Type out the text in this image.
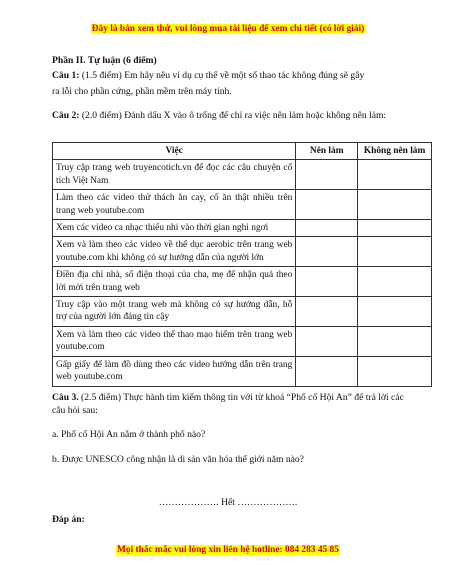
Đây là bản xem thử, vui lòng mua tài liệu để xem chi tiết (có lời giải)
Phần II. Tự luận (6 điểm)
Câu 1: (1.5 điểm) Em hãy nêu ví dụ cụ thể về một số thao tác không đúng sẽ gây
ra lỗi cho phần cứng, phần mềm trên máy tính.
Câu 2: (2.0 điểm) Đánh dấu X vào ô trống để chỉ ra việc nên làm hoặc không nên làm:
Việc	Nên làm	Không nên làm
Truy cập trang web truyencotich.vn để đọc các câu chuyện cổ tích Việt Nam		
Làm theo các video thử thách ăn cay, cố ăn thật nhiều trên trang web youtube.com		
Xem các video ca nhạc thiếu nhi vào thời gian nghỉ ngơi		
Xem và làm theo các video về thể dục aerobic trên trang web youtube.com khi không có sự hướng dẫn của người lớn		
Điền địa chỉ nhà, số điện thoại của cha, mẹ để nhận quà theo lời mời trên trang web		
Truy cập vào một trang web mà không có sự hướng dẫn, hỗ trợ của người lớn đáng tin cậy		
Xem và làm theo các video thể thao mạo hiểm trên trang web youtube.com		
Gấp giấy để làm đồ dùng theo các video hướng dẫn trên trang web youtube.com		
Câu 3. (2.5 điểm) Thực hành tìm kiếm thông tin với từ khoá “Phố cổ Hội An” để trả lời các câu hỏi sau:
a. Phố cổ Hội An nằm ở thành phố nào?
b. Được UNESCO công nhận là di sản văn hóa thế giới năm nào?
………………. Hết ……………….
Đáp án:
Mọi thắc mắc vui lòng xin liên hệ hotline: 084 283 45 85
